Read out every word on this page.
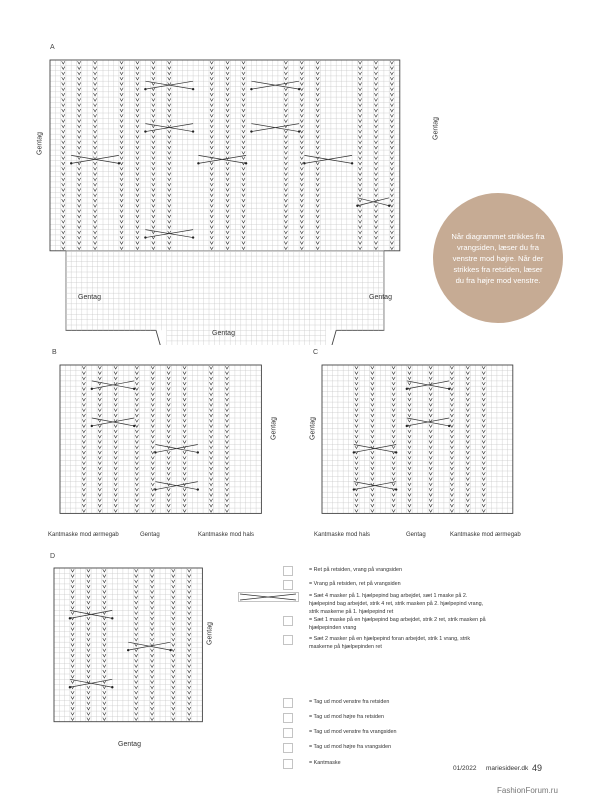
A
Gentag
Gentag
Gentag
Gentag
Gentag
Når diagrammet strikkes fra vrangsiden, læser du fra venstre mod højre. Når der strikkes fra retsiden, læser du fra højre mod venstre.
B
Gentag
Kantmaske mod ærmegab	Gentag	Kantmaske mod hals
C
Gentag
Kantmaske mod hals	Gentag	Kantmaske mod ærmegab
D
Gentag
Gentag
= Ret på retsiden, vrang på vrangsiden
= Vrang på retsiden, ret på vrangsiden
= Sæt 4 masker på 1. hjælpepind bag arbejdet, sæt 1 maske på 2. hjælpepind bag arbejdet, strik 4 ret, strik masken på 2. hjælpepind vrang, strik maskerne på 1. hjælpepind ret
= Sæt 1 maske på en hjælpepind bag arbejdet, strik 2 ret, strik masken på hjælpepinden vrang
= Sæt 2 masker på en hjælpepind foran arbejdet, strik 1 vrang, strik maskerne på hjælpepinden ret
= Tag ud mod venstre fra retsiden
= Tag ud mod højre fra retsiden
= Tag ud mod venstre fra vrangsiden
= Tag ud mod højre fra vrangsiden
= Kantmaske
01/2022 mariesideer.dk 49
FashionForum.ru
